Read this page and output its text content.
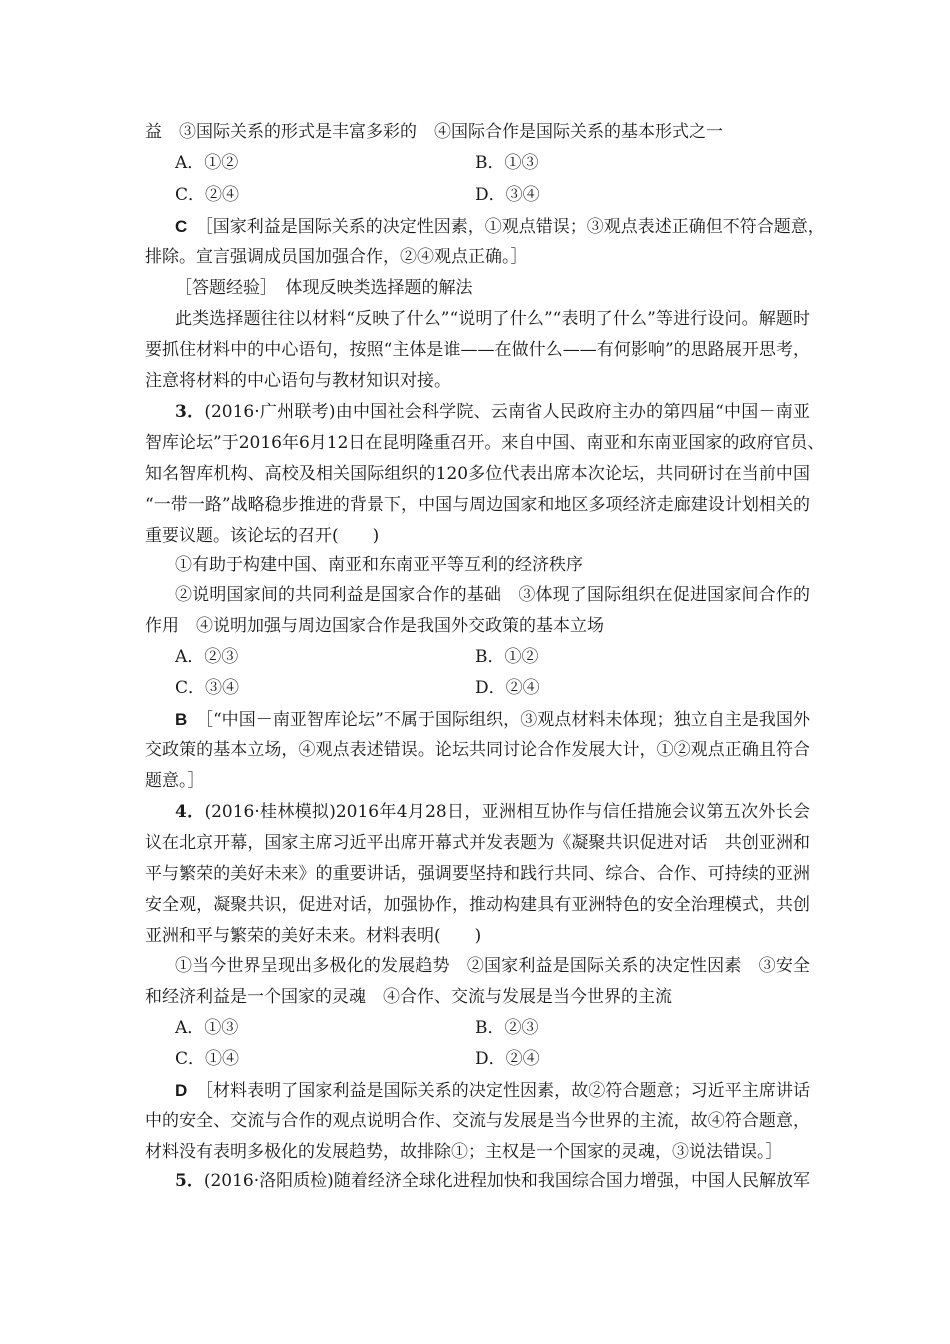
益　③国际关系的形式是丰富多彩的　④国际合作是国际关系的基本形式之一
A．①②	B．①③
C．②④	D．③④
C　 ［国家利益是国际关系的决定性因素，①观点错误；③观点表述正确但不符合题意，
排除。宣言强调成员国加强合作，②④观点正确。］
［答题经验］　体现反映类选择题的解法
此类选择题往往以材料“反映了什么”“说明了什么”“表明了什么”等进行设问。解题时
要抓住材料中的中心语句，按照“主体是谁——在做什么——有何影响”的思路展开思考，
注意将材料的中心语句与教材知识对接。
3．(2016·广州联考)由中国社会科学院、云南省人民政府主办的第四届“中国－南亚
智库论坛”于2016年6月12日在昆明隆重召开。来自中国、南亚和东南亚国家的政府官员、
知名智库机构、高校及相关国际组织的120多位代表出席本次论坛，共同研讨在当前中国
“一带一路”战略稳步推进的背景下，中国与周边国家和地区多项经济走廊建设计划相关的
重要议题。该论坛的召开(　　)
①有助于构建中国、南亚和东南亚平等互利的经济秩序
②说明国家间的共同利益是国家合作的基础　③体现了国际组织在促进国家间合作的
作用　④说明加强与周边国家合作是我国外交政策的基本立场
A．②③	B．①②
C．③④	D．②④
B　 ［“中国－南亚智库论坛”不属于国际组织，③观点材料未体现；独立自主是我国外
交政策的基本立场，④观点表述错误。论坛共同讨论合作发展大计，①②观点正确且符合
题意。］
4．(2016·桂林模拟)2016年4月28日，亚洲相互协作与信任措施会议第五次外长会
议在北京开幕，国家主席习近平出席开幕式并发表题为《凝聚共识促进对话　共创亚洲和
平与繁荣的美好未来》的重要讲话，强调要坚持和践行共同、综合、合作、可持续的亚洲
安全观，凝聚共识，促进对话，加强协作，推动构建具有亚洲特色的安全治理模式，共创
亚洲和平与繁荣的美好未来。材料表明(　　)
①当今世界呈现出多极化的发展趋势　②国家利益是国际关系的决定性因素　③安全
和经济利益是一个国家的灵魂　④合作、交流与发展是当今世界的主流
A．①③	B．②③
C．①④	D．②④
D　 ［材料表明了国家利益是国际关系的决定性因素，故②符合题意；习近平主席讲话
中的安全、交流与合作的观点说明合作、交流与发展是当今世界的主流，故④符合题意，
材料没有表明多极化的发展趋势，故排除①；主权是一个国家的灵魂，③说法错误。］
5．(2016·洛阳质检)随着经济全球化进程加快和我国综合国力增强，中国人民解放军
